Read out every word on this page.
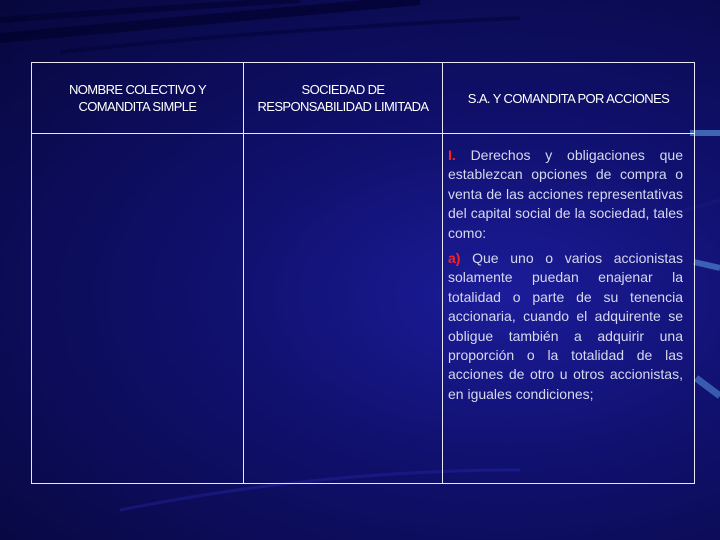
NOMBRE COLECTIVO Y COMANDITA SIMPLE	SOCIEDAD DE RESPONSABILIDAD LIMITADA	S.A. Y COMANDITA POR ACCIONES

		I. Derechos y obligaciones que establezcan opciones de compra o venta de las acciones representativas del capital social de la sociedad, tales como:

a) Que uno o varios accionistas solamente puedan enajenar la totalidad o parte de su tenencia accionaria, cuando el adquirente se obligue también a adquirir una proporción o la totalidad de las acciones de otro u otros accionistas, en iguales condiciones;
